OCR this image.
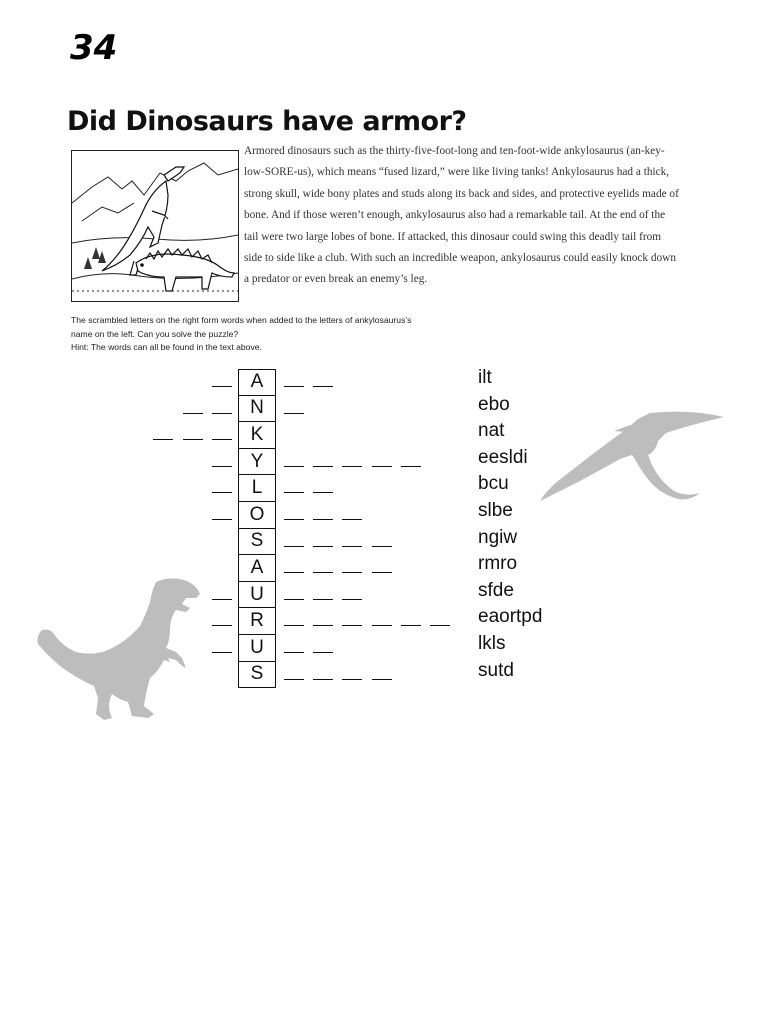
34
Did Dinosaurs have armor?

Armored dinosaurs such as the thirty-five-foot-long and ten-foot-wide ankylosaurus (an-key-low-SORE-us), which means “fused lizard,” were like living tanks! Ankylosaurus had a thick, strong skull, wide bony plates and studs along its back and sides, and protective eyelids made of bone. And if those weren’t enough, ankylosaurus also had a remarkable tail. At the end of the tail were two large lobes of bone. If attacked, this dinosaur could swing this deadly tail from side to side like a club. With such an incredible weapon, ankylosaurus could easily knock down a predator or even break an enemy’s leg.

The scrambled letters on the right form words when added to the letters of ankylosaurus’s

name on the left. Can you solve the puzzle?

Hint: The words can all be found in the text above.

A	ilt
N	ebo
K	nat
Y	eesldi
L	bcu
O	slbe
S	ngiw
A	rmro
U	sfde
R	eaortpd
U	lkls
S	sutd
